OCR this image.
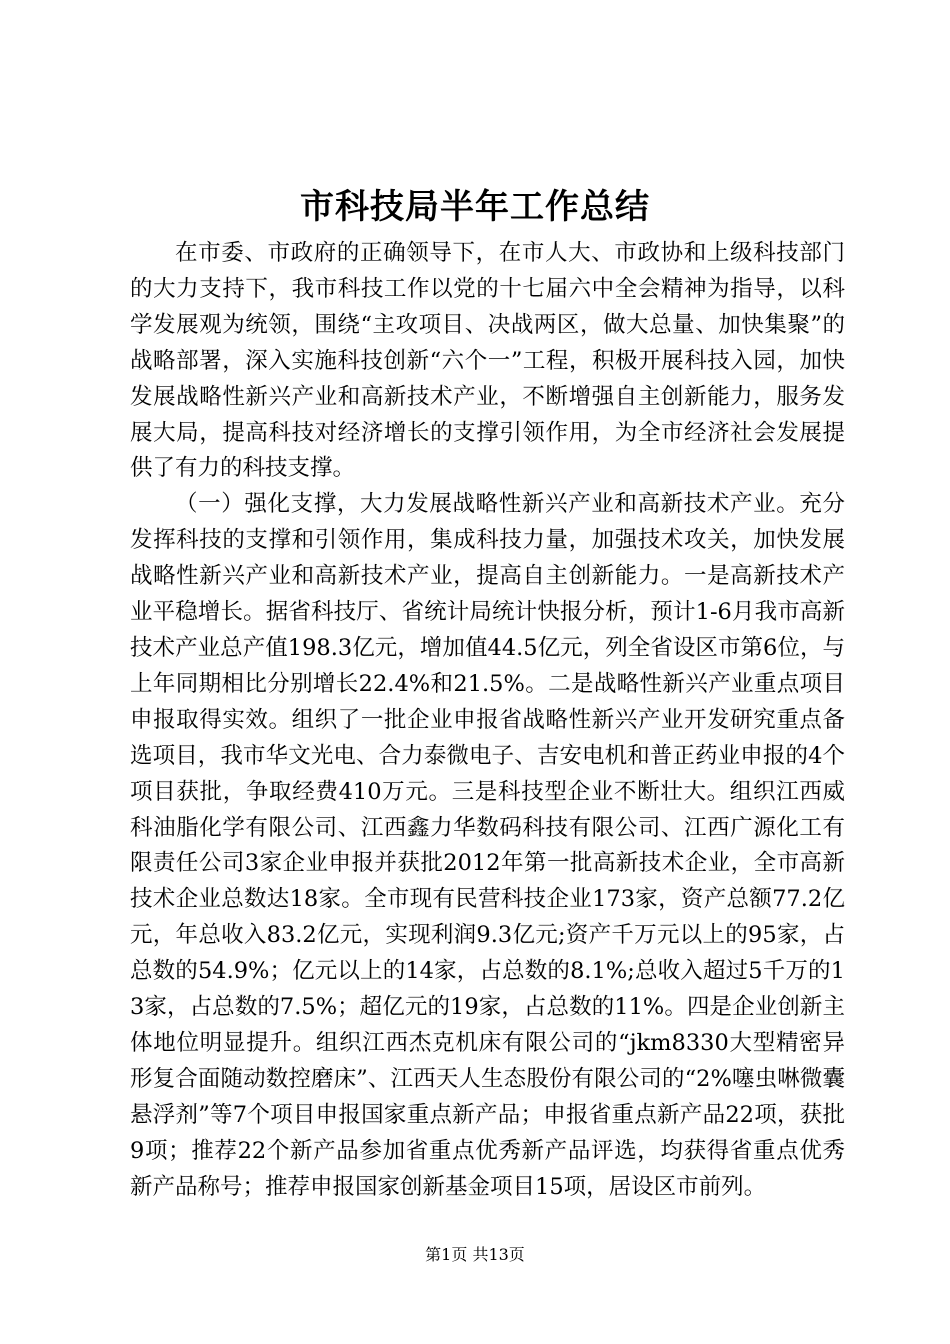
市科技局半年工作总结

在市委、市政府的正确领导下，在市人大、市政协和上级科技部门的大力支持下，我市科技工作以党的十七届六中全会精神为指导，以科学发展观为统领，围绕“主攻项目、决战两区，做大总量、加快集聚”的战略部署，深入实施科技创新“六个一”工程，积极开展科技入园，加快发展战略性新兴产业和高新技术产业，不断增强自主创新能力，服务发展大局，提高科技对经济增长的支撑引领作用，为全市经济社会发展提供了有力的科技支撑。

（一）强化支撑，大力发展战略性新兴产业和高新技术产业。充分发挥科技的支撑和引领作用，集成科技力量，加强技术攻关，加快发展战略性新兴产业和高新技术产业，提高自主创新能力。一是高新技术产业平稳增长。据省科技厅、省统计局统计快报分析，预计1-6月我市高新技术产业总产值198.3亿元，增加值44.5亿元，列全省设区市第6位，与上年同期相比分别增长22.4%和21.5%。二是战略性新兴产业重点项目申报取得实效。组织了一批企业申报省战略性新兴产业开发研究重点备选项目，我市华文光电、合力泰微电子、吉安电机和普正药业申报的4个项目获批，争取经费410万元。三是科技型企业不断壮大。组织江西威科油脂化学有限公司、江西鑫力华数码科技有限公司、江西广源化工有限责任公司3家企业申报并获批2012年第一批高新技术企业，全市高新技术企业总数达18家。全市现有民营科技企业173家，资产总额77.2亿元，年总收入83.2亿元，实现利润9.3亿元;资产千万元以上的95家，占总数的54.9%；亿元以上的14家，占总数的8.1%;总收入超过5千万的13家，占总数的7.5%；超亿元的19家，占总数的11%。四是企业创新主体地位明显提升。组织江西杰克机床有限公司的“jkm8330大型精密异形复合面随动数控磨床”、江西天人生态股份有限公司的“2%噻虫啉微囊悬浮剂”等7个项目申报国家重点新产品；申报省重点新产品22项，获批9项；推荐22个新产品参加省重点优秀新产品评选，均获得省重点优秀新产品称号；推荐申报国家创新基金项目15项，居设区市前列。

第1页 共13页
